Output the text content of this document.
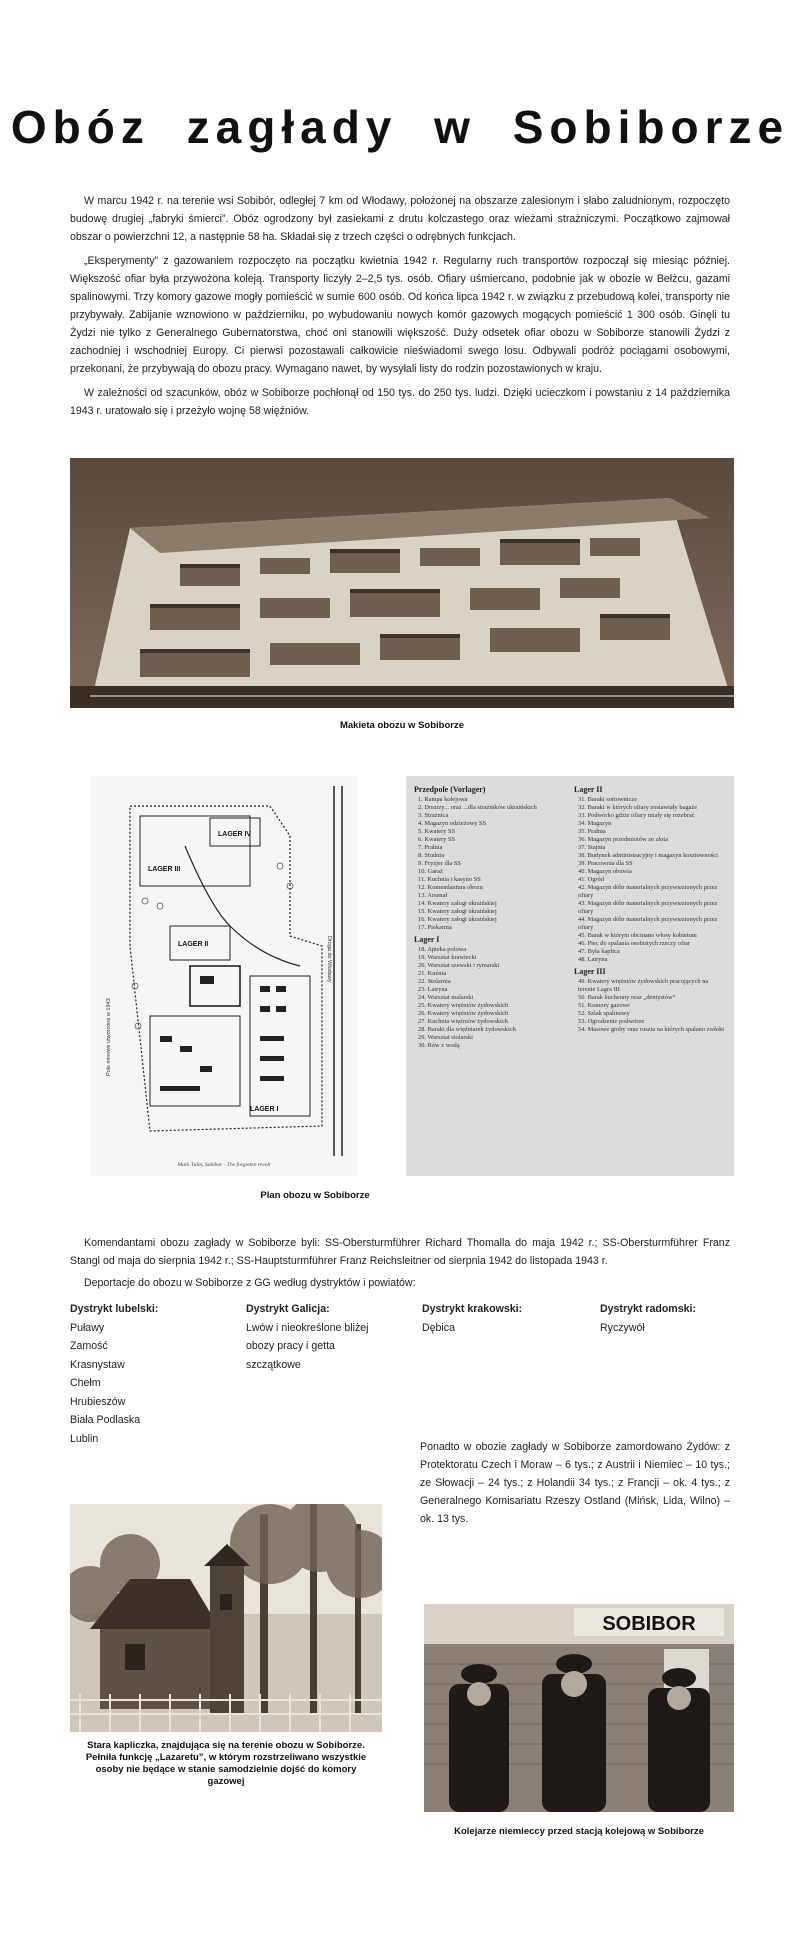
Obóz zagłady w Sobiborze

W marcu 1942 r. na terenie wsi Sobibór, odległej 7 km od Włodawy, położonej na obszarze zalesionym i słabo zaludnionym, rozpoczęto budowę drugiej „fabryki śmierci”. Obóz ogrodzony był zasiekami z drutu kolczastego oraz wieżami strażniczymi. Początkowo zajmował obszar o powierzchni 12, a następnie 58 ha. Składał się z trzech części o odrębnych funkcjach.

„Eksperymenty” z gazowaniem rozpoczęto na początku kwietnia 1942 r. Regularny ruch transportów rozpoczął się miesiąc później. Większość ofiar była przywożona koleją. Transporty liczyły 2–2,5 tys. osób. Ofiary uśmiercano, podobnie jak w obozie w Bełżcu, gazami spalinowymi. Trzy komory gazowe mogły pomieścić w sumie 600 osób. Od końca lipca 1942 r. w związku z przebudową kolei, transporty nie przybywały. Zabijanie wznowiono w październiku, po wybudowaniu nowych komór gazowych mogących pomieścić 1 300 osób. Ginęli tu Żydzi nie tylko z Generalnego Gubernatorstwa, choć oni stanowili większość. Duży odsetek ofiar obozu w Sobiborze stanowili Żydzi z zachodniej i wschodniej Europy. Ci pierwsi pozostawali całkowicie nieświadomi swego losu. Odbywali podróż pociągami osobowymi, przekonani, że przybywają do obozu pracy. Wymagano nawet, by wysyłali listy do rodzin pozostawionych w kraju.

W zależności od szacunków, obóz w Sobiborze pochłonął od 150 tys. do 250 tys. ludzi. Dzięki ucieczkom i powstaniu z 14 października 1943 r. uratowało się i przeżyło wojnę 58 więźniów.

Makieta obozu w Sobiborze
LAGER IV
LAGER III
LAGER II
LAGER I
Pole minowe utworzone w 1943
Droga do Włodawy
Mark Tulin, Sobibor - The forgotten revolt
Przedpole (Vorlager)
1. Rampa kolejowa
2. Dostrzy... oraz ...dla strażników ukraińskich
3. Strażnica
4. Magazyn odzieżowy SS
5. Kwatery SS
6. Kwatery SS
7. Pralnia
8. Studnia
9. Fryzjer dla SS
10. Garaż
11. Kuchnia i kasyno SS
12. Komendantura obozu
13. Arsenał
14. Kwatery załogi ukraińskiej
15. Kwatery załogi ukraińskiej
16. Kwatery załogi ukraińskiej
17. Piekarnia
Lager I
18. Apteka polowa
19. Warsztat krawiecki
20. Warsztat szewski i rymarski
21. Kuźnia
22. Stolarnia
23. Latryna
24. Warsztat malarski
25. Kwatery więźniów żydowskich
26. Kwatery więźniów żydowskich
27. Kuchnia więźniów żydowskich
28. Baraki dla więźniarek żydowskich
29. Warsztat stolarski
30. Rów z wodą
Lager II
31. Baraki sortownicze
32. Baraki w których ofiary zostawiały bagaże
33. Podwórko gdzie ofiary miały się rozebrać
34. Magazyn
35. Pralnia
36. Magazyn przedmiotów ze złota
37. Stajnia
38. Budynek administracyjny i magazyn kosztowności
39. Pracownia dla SS
40. Magazyn obuwia
41. Ogród
42. Magazyn dóbr materialnych przywiezionych przez ofiary
43. Magazyn dóbr materialnych przywiezionych przez ofiary
44. Magazyn dóbr materialnych przywiezionych przez ofiary
45. Barak w którym obcinano włosy kobietom
46. Piec do spalania osobistych rzeczy ofiar
47. Była kaplica
48. Latryna
Lager III
49. Kwatery więźniów żydowskich pracujących na terenie Lagra III
50. Barak kuchenny oraz „dentystów”
51. Komory gazowe
52. Szlak spalinowy
53. Ogrodzenie podwórze
54. Masowe groby oraz ruszta na których spalano zwłoki
Plan obozu w Sobiborze

Komendantami obozu zagłady w Sobiborze byli: SS-Obersturmführer Richard Thomalla do maja 1942 r.; SS-Obersturmführer Franz Stangl od maja do sierpnia 1942 r.; SS-Hauptsturmführer Franz Reichsleitner od sierpnia 1942 do listopada 1943 r.

Deportacje do obozu w Sobiborze z GG według dystryktów i powiatów:

Dystrykt lubelski:
Puławy
Zamość
Krasnystaw
Chełm
Hrubieszów
Biała Podlaska
Lublin
Dystrykt Galicja:
Lwów i nieokreślone bliżej
obozy pracy i getta
szczątkowe
Dystrykt krakowski:
Dębica
Dystrykt radomski:
Ryczywół
Ponadto w obozie zagłady w Sobiborze zamordowano Żydów: z Protektoratu Czech i Moraw – 6 tys.; z Austrii i Niemiec – 10 tys.; ze Słowacji – 24 tys.; z Holandii 34 tys.; z Francji – ok. 4 tys.; z Generalnego Komisariatu Rzeszy Ostland (Mińsk, Lida, Wilno) – ok. 13 tys.
Stara kapliczka, znajdująca się na terenie obozu w Sobiborze. Pełniła funkcję „Lazaretu”, w którym rozstrzeliwano wszystkie osoby nie będące w stanie samodzielnie dojść do komory gazowej
SOBIBOR
Kolejarze niemieccy przed stacją kolejową w Sobiborze
